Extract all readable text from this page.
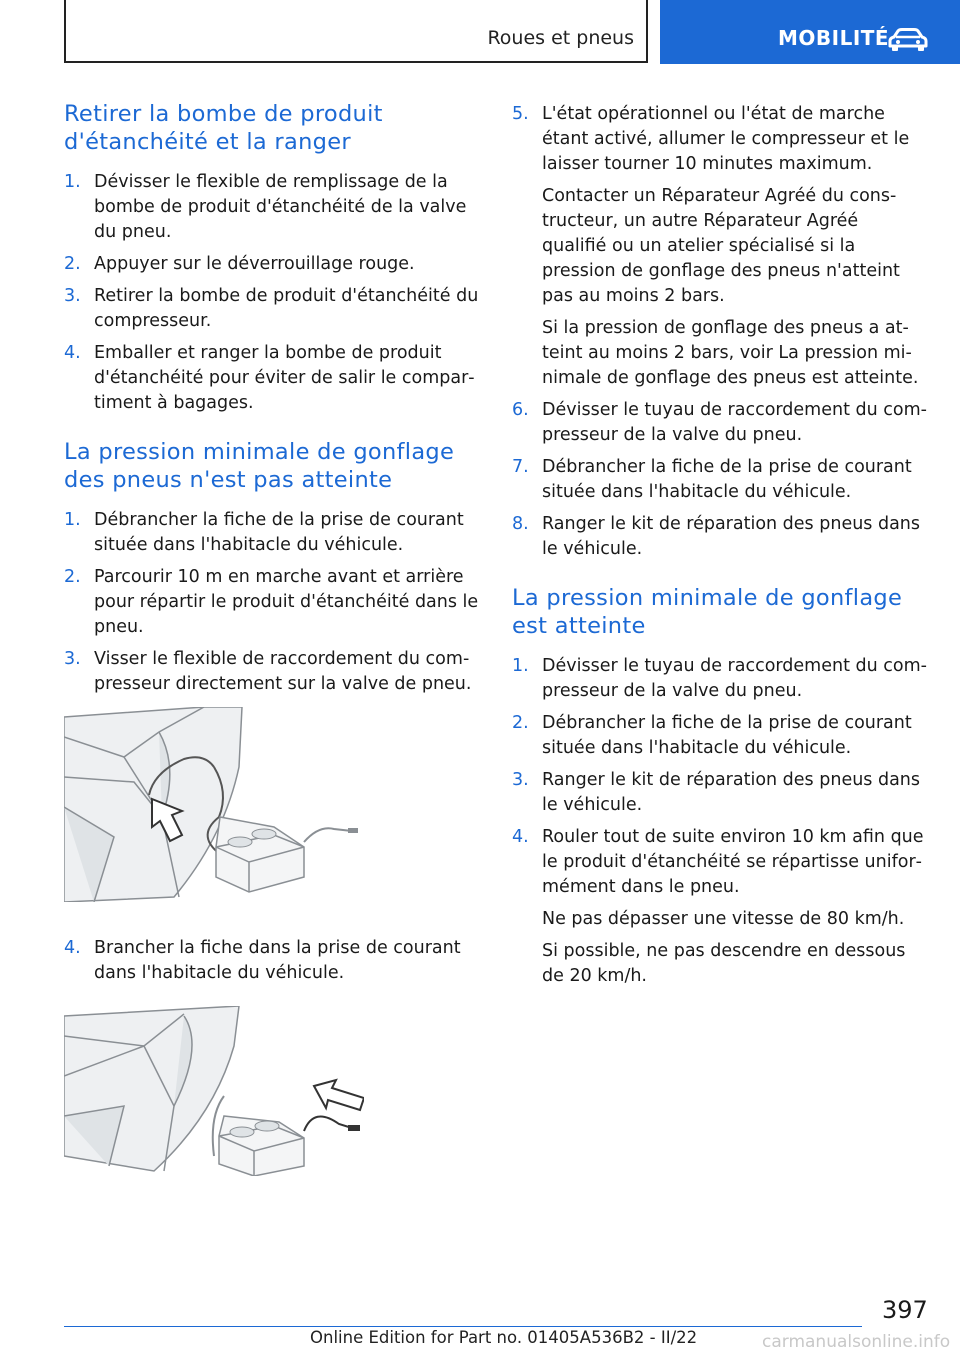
Roues et pneus	MOBILITÉ
Retirer la bombe de produit d'étanchéité et la ranger
1. Dévisser le flexible de remplissage de la bombe de produit d'étanchéité de la valve du pneu.
2. Appuyer sur le déverrouillage rouge.
3. Retirer la bombe de produit d'étanchéité du compresseur.
4. Emballer et ranger la bombe de produit d'étanchéité pour éviter de salir le compartiment à bagages.
La pression minimale de gonflage des pneus n'est pas atteinte
1. Débrancher la fiche de la prise de courant située dans l'habitacle du véhicule.
2. Parcourir 10 m en marche avant et arrière pour répartir le produit d'étanchéité dans le pneu.
3. Visser le flexible de raccordement du compresseur directement sur la valve de pneu.
4. Brancher la fiche dans la prise de courant dans l'habitacle du véhicule.
5. L'état opérationnel ou l'état de marche étant activé, allumer le compresseur et le laisser tourner 10 minutes maximum.

Contacter un Réparateur Agréé du constructeur, un autre Réparateur Agréé qualifié ou un atelier spécialisé si la pression de gonflage des pneus n'atteint pas au moins 2 bars.

Si la pression de gonflage des pneus a atteint au moins 2 bars, voir La pression minimale de gonflage des pneus est atteinte.

6. Dévisser le tuyau de raccordement du compresseur de la valve du pneu.
7. Débrancher la fiche de la prise de courant située dans l'habitacle du véhicule.
8. Ranger le kit de réparation des pneus dans le véhicule.
La pression minimale de gonflage est atteinte
1. Dévisser le tuyau de raccordement du compresseur de la valve du pneu.
2. Débrancher la fiche de la prise de courant située dans l'habitacle du véhicule.
3. Ranger le kit de réparation des pneus dans le véhicule.
4. Rouler tout de suite environ 10 km afin que le produit d'étanchéité se répartisse uniformément dans le pneu.

Ne pas dépasser une vitesse de 80 km/h.

Si possible, ne pas descendre en dessous de 20 km/h.

397
Online Edition for Part no. 01405A536B2 - II/22	carmanualsonline.info
